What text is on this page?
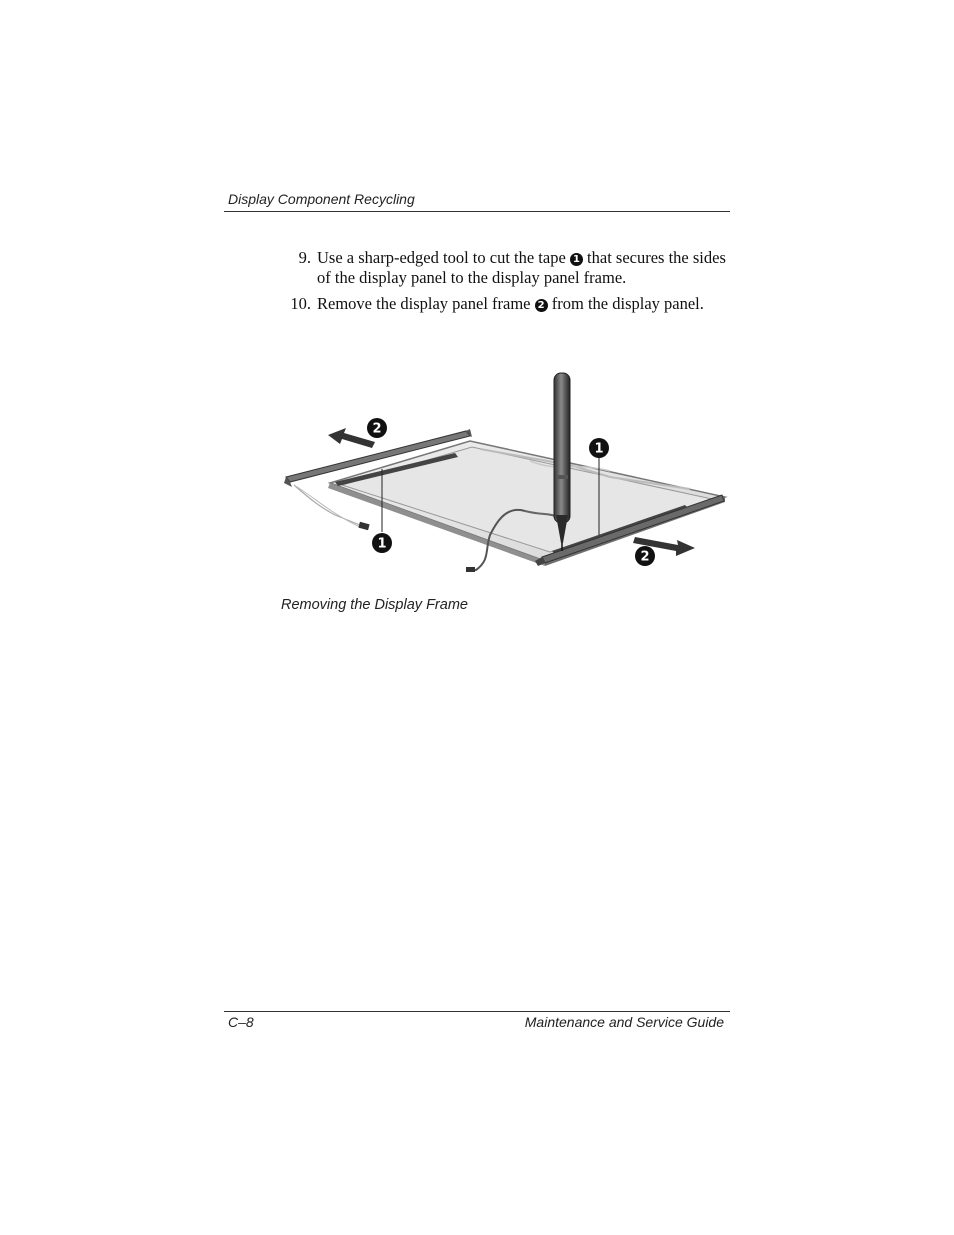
Display Component Recycling
9. Use a sharp-edged tool to cut the tape 1 that secures the sides
of the display panel to the display panel frame.
10. Remove the display panel frame 2 from the display panel.
1
1
2
2
Removing the Display Frame
C–8	Maintenance and Service Guide
